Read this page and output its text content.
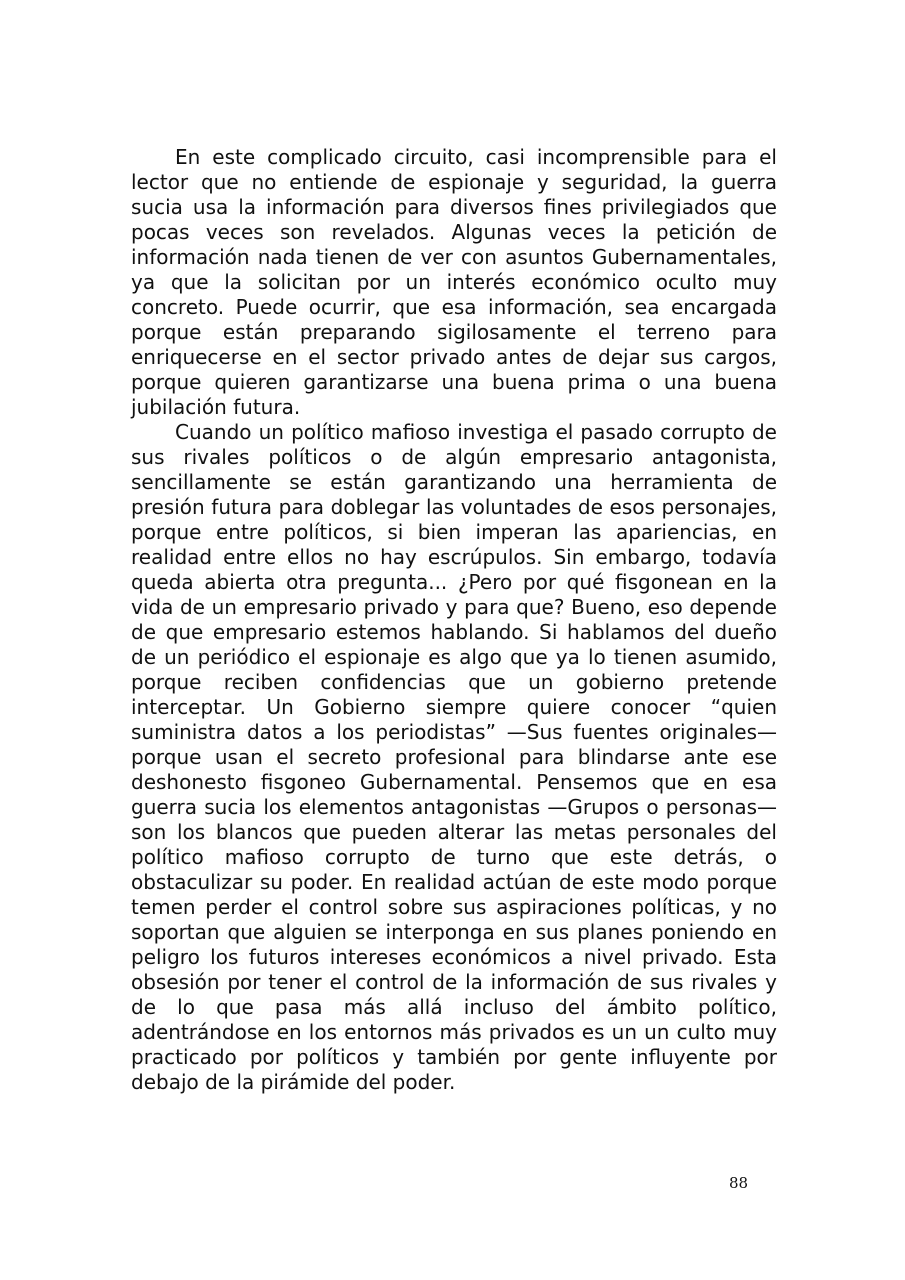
En este complicado circuito, casi incomprensible para el lector que no entiende de espionaje y seguridad, la guerra sucia usa la información para diversos fines privilegiados que pocas veces son revelados. Algunas veces la petición de información nada tienen de ver con asuntos Gubernamentales, ya que la solicitan por un interés económico oculto muy concreto. Puede ocurrir, que esa información, sea encargada porque están preparando sigilosamente el terreno para enriquecerse en el sector privado antes de dejar sus cargos, porque quieren garantizarse una buena prima o una buena jubilación futura.

Cuando un político mafioso investiga el pasado corrupto de sus rivales políticos o de algún empresario antagonista, sencillamente se están garantizando una herramienta de presión futura para doblegar las voluntades de esos personajes, porque entre políticos, si bien imperan las apariencias, en realidad entre ellos no hay escrúpulos. Sin embargo, todavía queda abierta otra pregunta... ¿Pero por qué fisgonean en la vida de un empresario privado y para que? Bueno, eso depende de que empresario estemos hablando. Si hablamos del dueño de un periódico el espionaje es algo que ya lo tienen asumido, porque reciben confidencias que un gobierno pretende interceptar. Un Gobierno siempre quiere conocer “quien suministra datos a los periodistas” —Sus fuentes originales— porque usan el secreto profesional para blindarse ante ese deshonesto fisgoneo Gubernamental. Pensemos que en esa guerra sucia los elementos antagonistas —Grupos o personas— son los blancos que pueden alterar las metas personales del político mafioso corrupto de turno que este detrás, o obstaculizar su poder. En realidad actúan de este modo porque temen perder el control sobre sus aspiraciones políticas, y no soportan que alguien se interponga en sus planes poniendo en peligro los futuros intereses económicos a nivel privado. Esta obsesión por tener el control de la información de sus rivales y de lo que pasa más allá incluso del ámbito político, adentrándose en los entornos más privados es un un culto muy practicado por políticos y también por gente influyente por debajo de la pirámide del poder.

88
